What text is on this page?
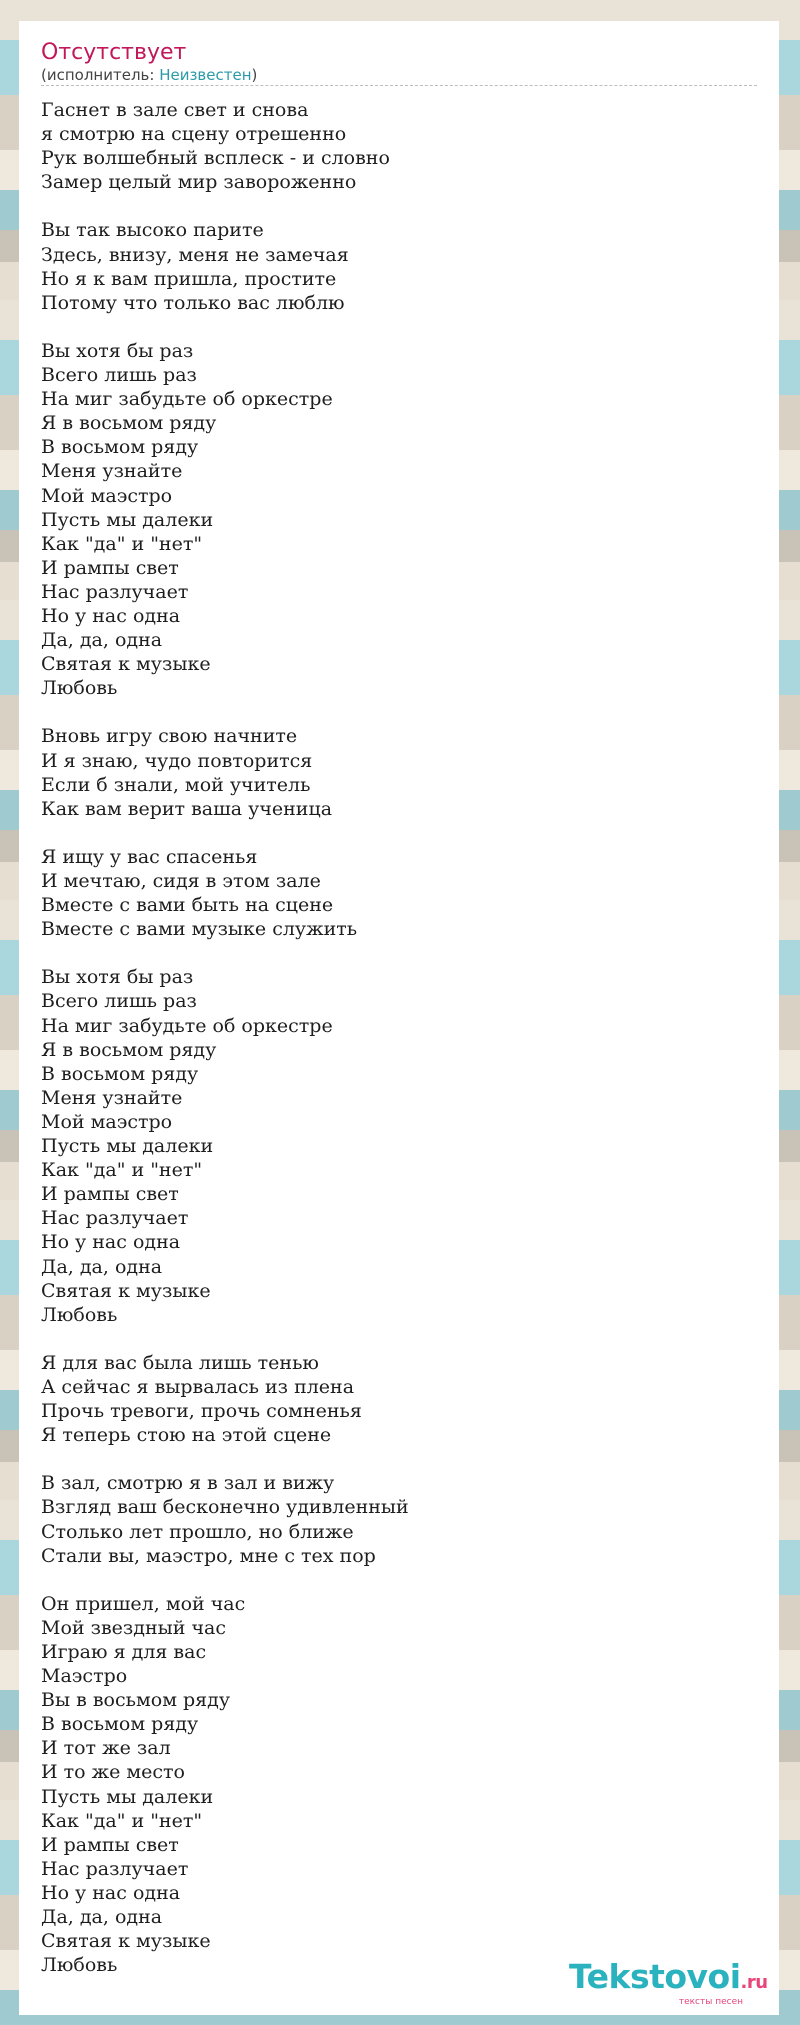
Отсутствует
(исполнитель: Неизвестен)
Гаснет в зале свет и снова
я смотрю на сцену отрешенно
Рук волшебный всплеск - и словно
Замер целый мир завороженно
Вы так высоко парите
Здесь, внизу, меня не замечая
Но я к вам пришла, простите
Потому что только вас люблю
Вы хотя бы раз
Всего лишь раз
На миг забудьте об оркестре
Я в восьмом ряду
В восьмом ряду
Меня узнайте
Мой маэстро
Пусть мы далеки
Как "да" и "нет"
И рампы свет
Нас разлучает
Но у нас одна
Да, да, одна
Святая к музыке
Любовь
Вновь игру свою начните
И я знаю, чудо повторится
Если б знали, мой учитель
Как вам верит ваша ученица
Я ищу у вас спасенья
И мечтаю, сидя в этом зале
Вместе с вами быть на сцене
Вместе с вами музыке служить
Вы хотя бы раз
Всего лишь раз
На миг забудьте об оркестре
Я в восьмом ряду
В восьмом ряду
Меня узнайте
Мой маэстро
Пусть мы далеки
Как "да" и "нет"
И рампы свет
Нас разлучает
Но у нас одна
Да, да, одна
Святая к музыке
Любовь
Я для вас была лишь тенью
А сейчас я вырвалась из плена
Прочь тревоги, прочь сомненья
Я теперь стою на этой сцене
В зал, смотрю я в зал и вижу
Взгляд ваш бесконечно удивленный
Столько лет прошло, но ближе
Стали вы, маэстро, мне с тех пор
Он пришел, мой час
Мой звездный час
Играю я для вас
Маэстро
Вы в восьмом ряду
В восьмом ряду
И тот же зал
И то же место
Пусть мы далеки
Как "да" и "нет"
И рампы свет
Нас разлучает
Но у нас одна
Да, да, одна
Святая к музыке
Любовь	Tekstovoi.ru
тексты песен
